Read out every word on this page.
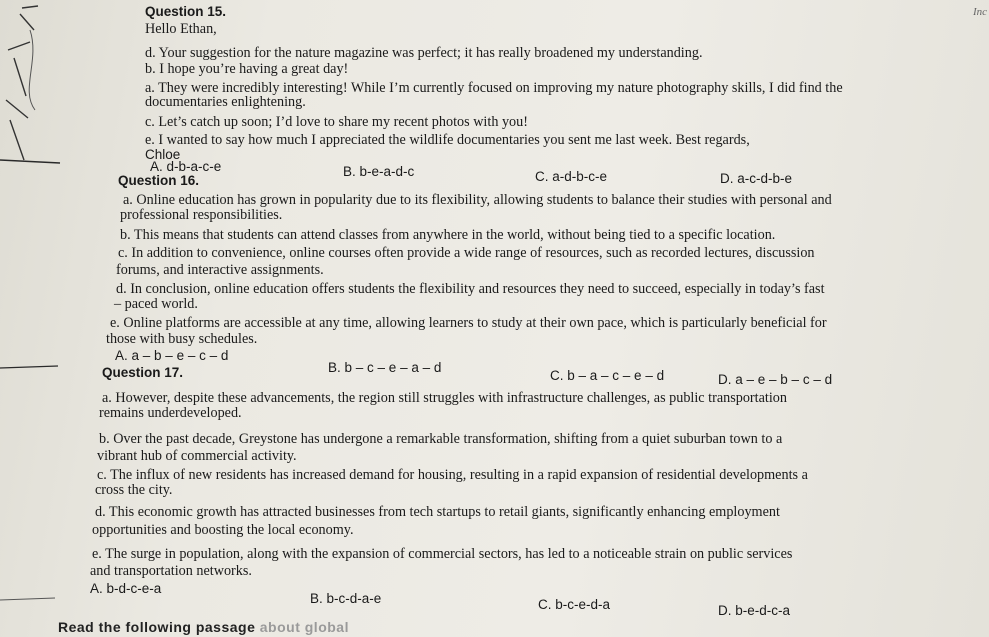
Inc
Question 15.
Hello Ethan,
d. Your suggestion for the nature magazine was perfect; it has really broadened my understanding.
b. I hope you’re having a great day!
a. They were incredibly interesting! While I’m currently focused on improving my nature photography skills, I did find the
documentaries enlightening.
c. Let’s catch up soon; I’d love to share my recent photos with you!
e. I wanted to say how much I appreciated the wildlife documentaries you sent me last week. Best regards,
Chloe
A. d-b-a-c-e	B. b-e-a-d-c	C. a-d-b-c-e	D. a-c-d-b-e
Question 16.
a. Online education has grown in popularity due to its flexibility, allowing students to balance their studies with personal and
professional responsibilities.
b. This means that students can attend classes from anywhere in the world, without being tied to a specific location.
c. In addition to convenience, online courses often provide a wide range of resources, such as recorded lectures, discussion
forums, and interactive assignments.
d. In conclusion, online education offers students the flexibility and resources they need to succeed, especially in today’s fast
– paced world.
e. Online platforms are accessible at any time, allowing learners to study at their own pace, which is particularly beneficial for
those with busy schedules.
A. a – b – e – c – d
B. b – c – e – a – d
C. b – a – c – e – d	D. a – e – b – c – d
Question 17.
a. However, despite these advancements, the region still struggles with infrastructure challenges, as public transportation
remains underdeveloped.
b. Over the past decade, Greystone has undergone a remarkable transformation, shifting from a quiet suburban town to a
vibrant hub of commercial activity.
c. The influx of new residents has increased demand for housing, resulting in a rapid expansion of residential developments a
cross the city.
d. This economic growth has attracted businesses from tech startups to retail giants, significantly enhancing employment
opportunities and boosting the local economy.
e. The surge in population, along with the expansion of commercial sectors, has led to a noticeable strain on public services
and transportation networks.
A. b-d-c-e-a
B. b-c-d-a-e	C. b-c-e-d-a	D. b-e-d-c-a
Read the following passage about global
